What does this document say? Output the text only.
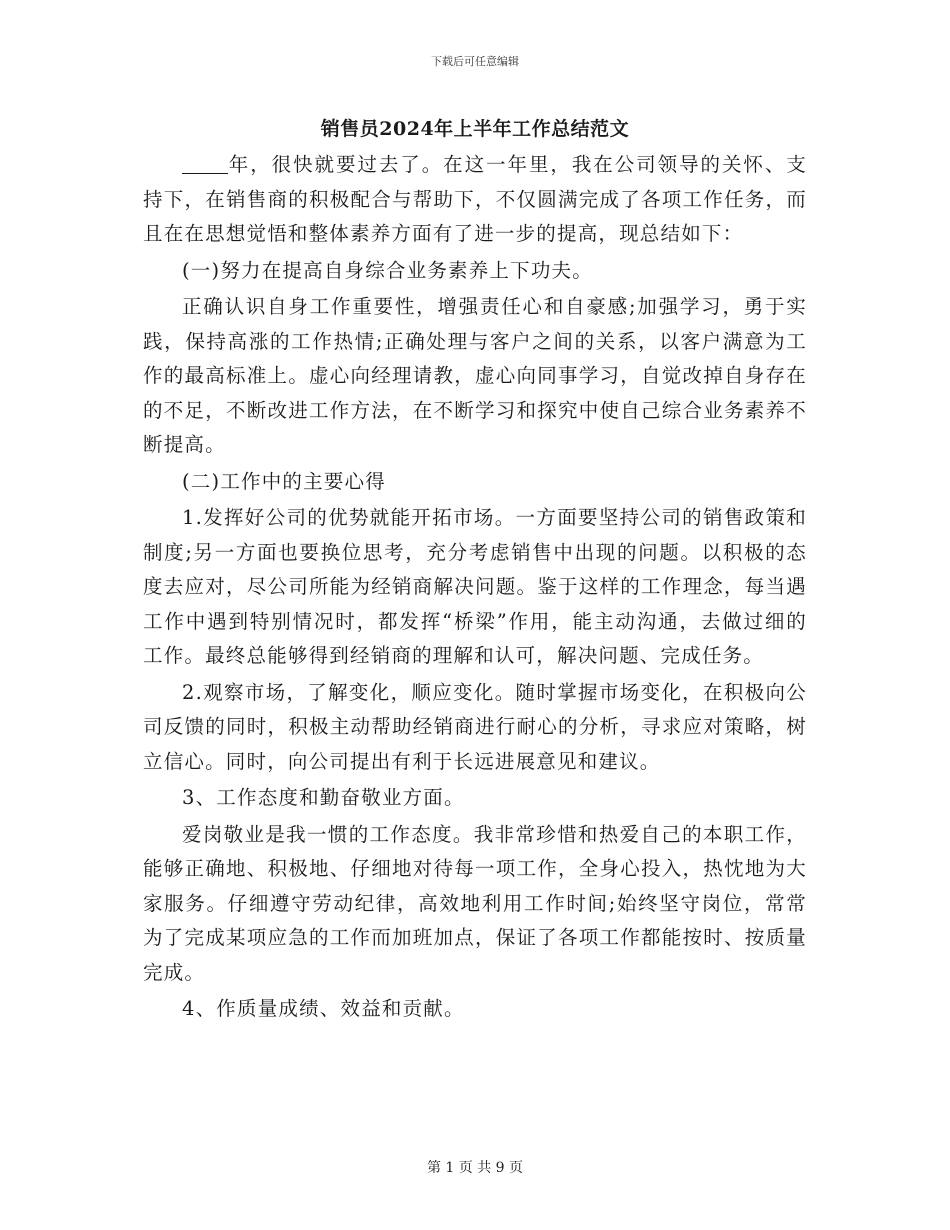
下载后可任意编辑
销售员2024年上半年工作总结范文

年，很快就要过去了。在这一年里，我在公司领导的关怀、支持下，在销售商的积极配合与帮助下，不仅圆满完成了各项工作任务，而且在在思想觉悟和整体素养方面有了进一步的提高，现总结如下：

(一)努力在提高自身综合业务素养上下功夫。

正确认识自身工作重要性，增强责任心和自豪感;加强学习，勇于实践，保持高涨的工作热情;正确处理与客户之间的关系，以客户满意为工作的最高标准上。虚心向经理请教，虚心向同事学习，自觉改掉自身存在的不足，不断改进工作方法，在不断学习和探究中使自己综合业务素养不断提高。

(二)工作中的主要心得

1.发挥好公司的优势就能开拓市场。一方面要坚持公司的销售政策和制度;另一方面也要换位思考，充分考虑销售中出现的问题。以积极的态度去应对，尽公司所能为经销商解决问题。鉴于这样的工作理念，每当遇工作中遇到特别情况时，都发挥“桥梁”作用，能主动沟通，去做过细的工作。最终总能够得到经销商的理解和认可，解决问题、完成任务。

2.观察市场，了解变化，顺应变化。随时掌握市场变化，在积极向公司反馈的同时，积极主动帮助经销商进行耐心的分析，寻求应对策略，树立信心。同时，向公司提出有利于长远进展意见和建议。

3、工作态度和勤奋敬业方面。

爱岗敬业是我一惯的工作态度。我非常珍惜和热爱自己的本职工作，能够正确地、积极地、仔细地对待每一项工作，全身心投入，热忱地为大家服务。仔细遵守劳动纪律，高效地利用工作时间;始终坚守岗位，常常为了完成某项应急的工作而加班加点，保证了各项工作都能按时、按质量完成。

4、作质量成绩、效益和贡献。

第 1 页 共 9 页
